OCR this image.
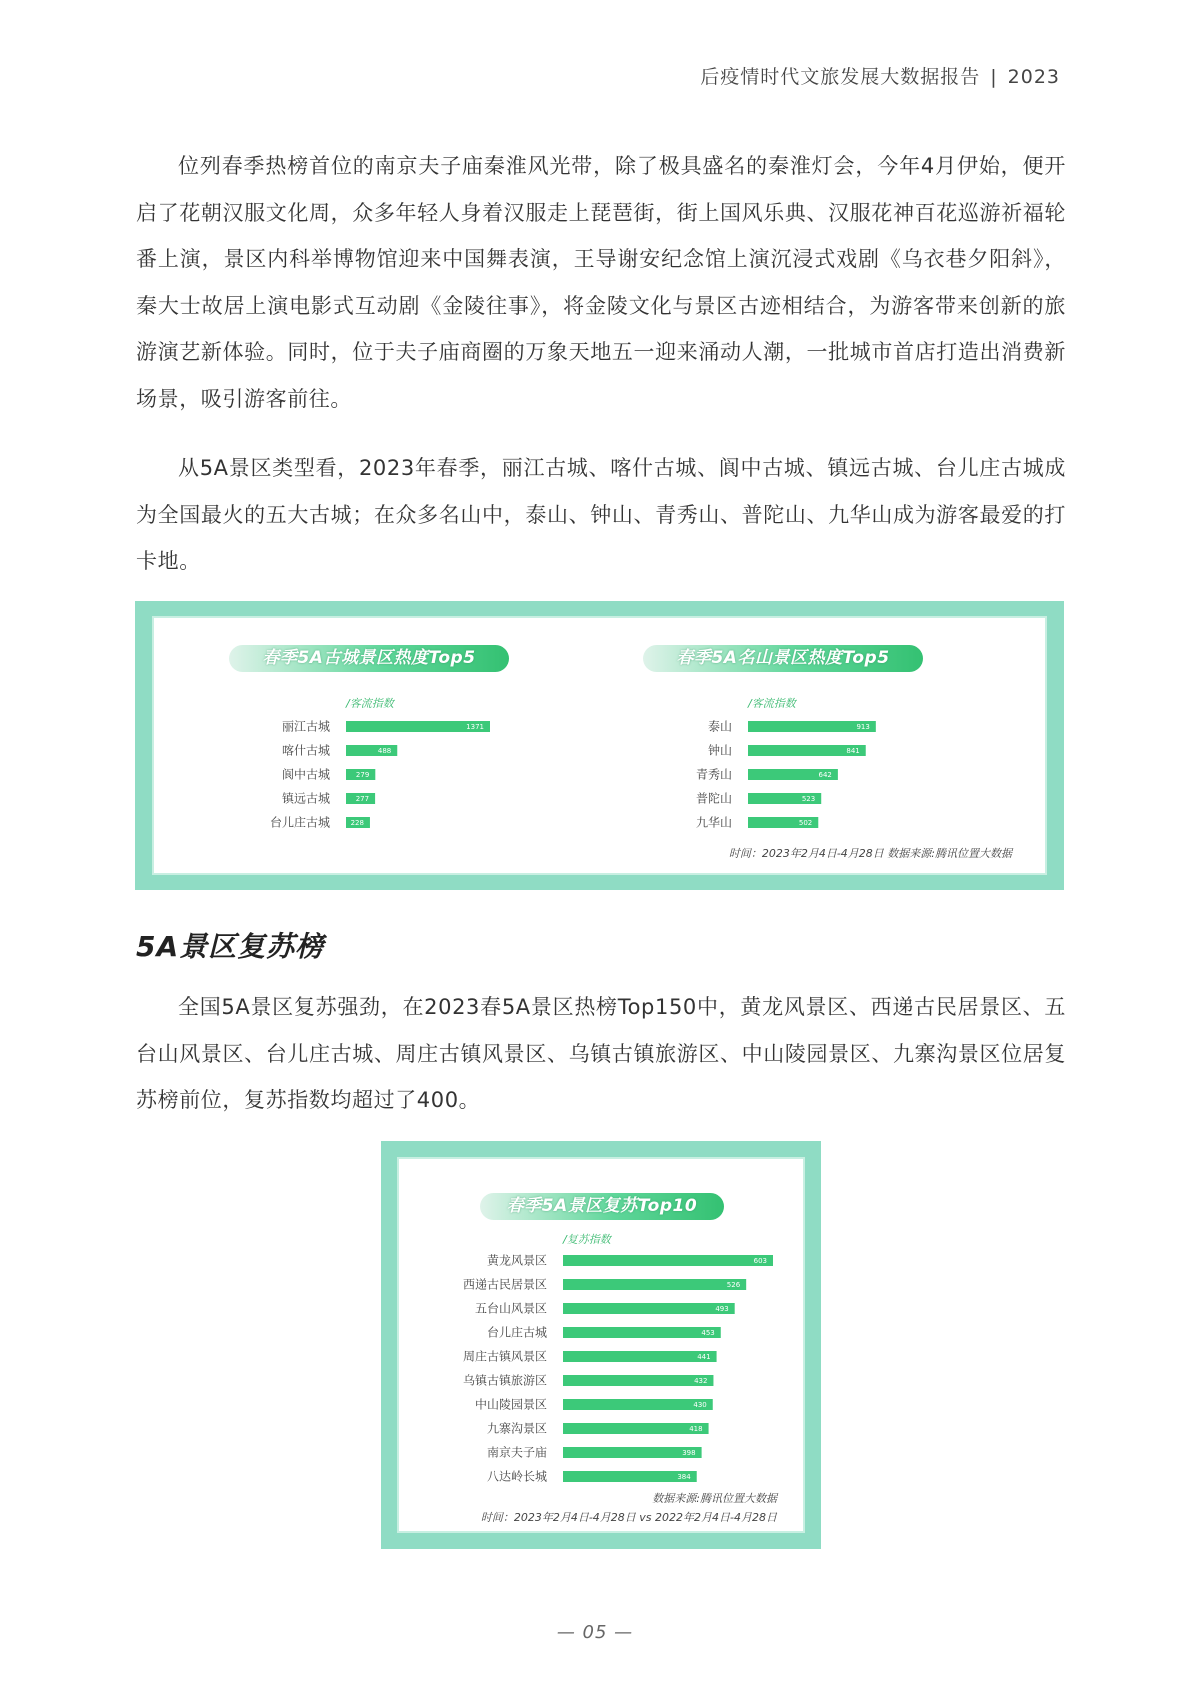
后疫情时代文旅发展大数据报告 | 2023

位列春季热榜首位的南京夫子庙秦淮风光带，除了极具盛名的秦淮灯会，今年4月伊始，便开启了花朝汉服文化周，众多年轻人身着汉服走上琵琶街，街上国风乐典、汉服花神百花巡游祈福轮番上演，景区内科举博物馆迎来中国舞表演，王导谢安纪念馆上演沉浸式戏剧《乌衣巷夕阳斜》，秦大士故居上演电影式互动剧《金陵往事》，将金陵文化与景区古迹相结合，为游客带来创新的旅游演艺新体验。同时，位于夫子庙商圈的万象天地五一迎来涌动人潮，一批城市首店打造出消费新场景，吸引游客前往。

从5A景区类型看，2023年春季，丽江古城、喀什古城、阆中古城、镇远古城、台儿庄古城成为全国最火的五大古城；在众多名山中，泰山、钟山、青秀山、普陀山、九华山成为游客最爱的打卡地。

春季5A古城景区热度Top5	春季5A名山景区热度Top5
/客流指数
丽江古城	1371
喀什古城	488
阆中古城	279
镇远古城	277
台儿庄古城	228
/客流指数
泰山	913
钟山	841
青秀山	642
普陀山	523
九华山	502
时间：2023年2月4日-4月28日 数据来源:腾讯位置大数据
5A景区复苏榜

全国5A景区复苏强劲，在2023春5A景区热榜Top150中，黄龙风景区、西递古民居景区、五台山风景区、台儿庄古城、周庄古镇风景区、乌镇古镇旅游区、中山陵园景区、九寨沟景区位居复苏榜前位，复苏指数均超过了400。

春季5A景区复苏Top10
/复苏指数
黄龙风景区	603
西递古民居景区	526
五台山风景区	493
台儿庄古城	453
周庄古镇风景区	441
乌镇古镇旅游区	432
中山陵园景区	430
九寨沟景区	418
南京夫子庙	398
八达岭长城	384
数据来源:腾讯位置大数据
时间：2023年2月4日-4月28日 vs 2022年2月4日-4月28日
— 05 —
